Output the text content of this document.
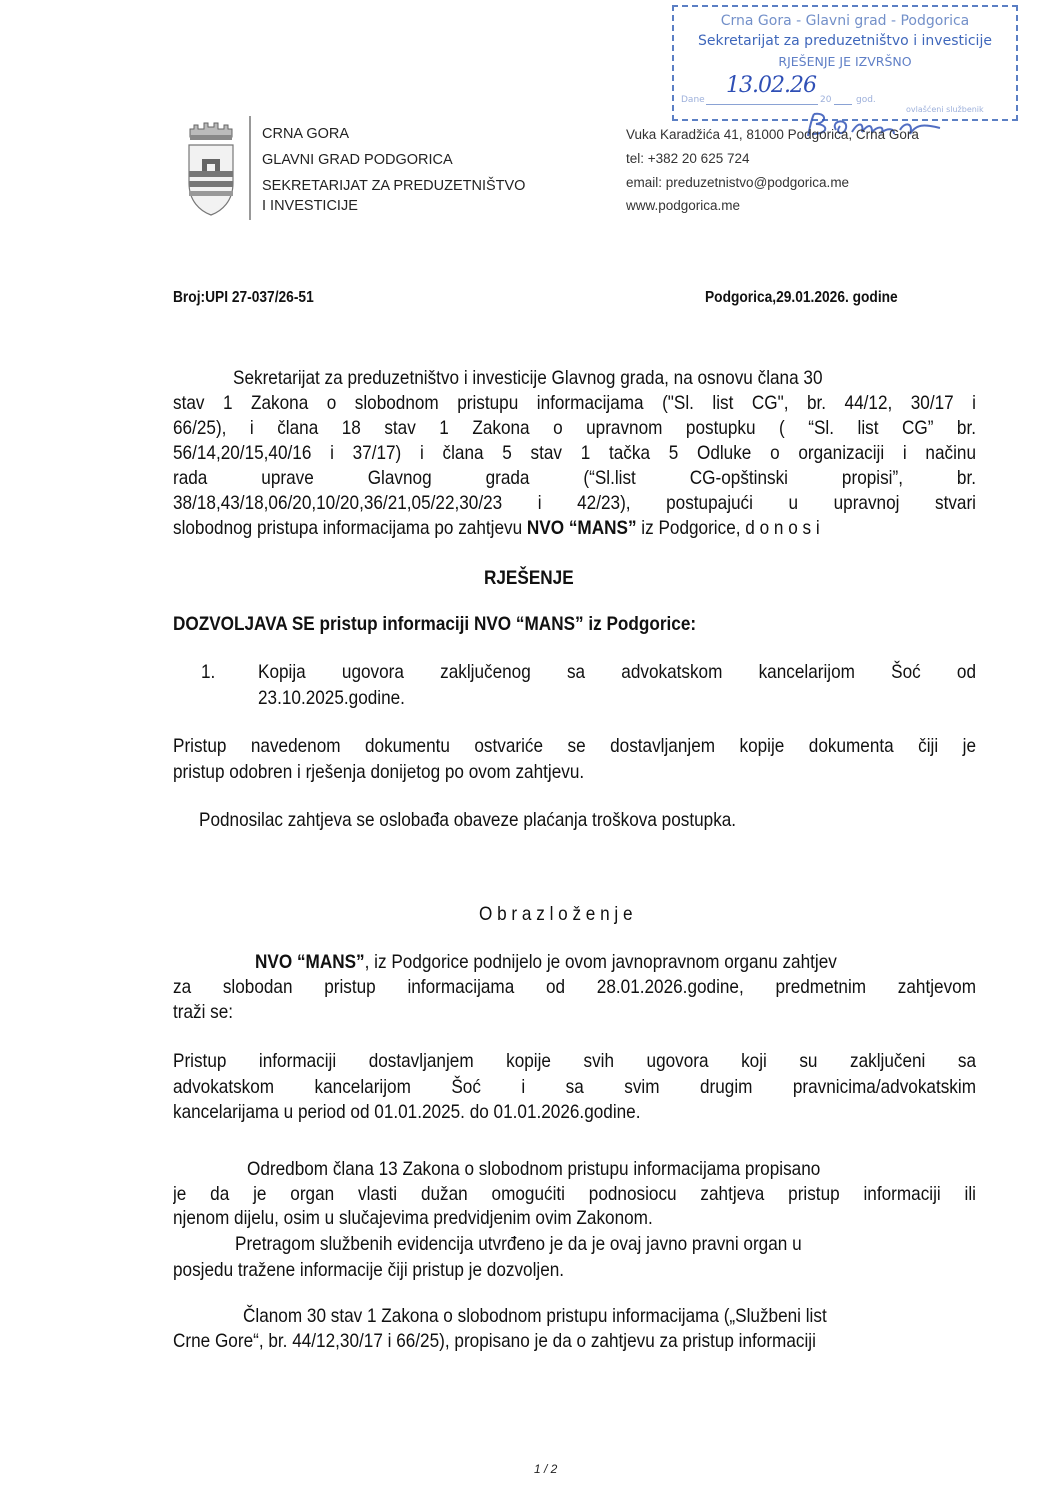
Crna Gora - Glavni grad - Podgorica
Sekretarijat za preduzetništvo i investicije
RJEŠENJE JE IZVRŠNO
13.02.26
Dane	20	god.
ovlašćeni službenik
CRNA GORA
GLAVNI GRAD PODGORICA
SEKRETARIJAT ZA PREDUZETNIŠTVO
I INVESTICIJE
Vuka Karadžića 41, 81000 Podgorica, Crna Gora
tel: +382 20 625 724
email: preduzetnistvo@podgorica.me
www.podgorica.me
Broj:UPI 27-037/26-51	Podgorica,29.01.2026. godine
Sekretarijat za preduzetništvo i investicije Glavnog grada, na osnovu člana 30
stav 1 Zakona o slobodnom pristupu informacijama ("Sl. list CG", br. 44/12, 30/17 i
66/25), i člana 18 stav 1 Zakona o upravnom postupku ( “Sl. list CG” br.
56/14,20/15,40/16 i 37/17) i člana 5 stav 1 tačka 5 Odluke o organizaciji i načinu
rada uprave Glavnog grada (“Sl.list CG-opštinski propisi”, br.
38/18,43/18,06/20,10/20,36/21,05/22,30/23 i 42/23), postupajući u upravnoj stvari
slobodnog pristupa informacijama po zahtjevu NVO “MANS” iz Podgorice, d o n o s i
RJEŠENJE
DOZVOLJAVA SE pristup informaciji NVO “MANS” iz Podgorice:
1. Kopija ugovora zaključenog sa advokatskom kancelarijom Šoć od
23.10.2025.godine.
Pristup navedenom dokumentu ostvariće se dostavljanjem kopije dokumenta čiji je
pristup odobren i rješenja donijetog po ovom zahtjevu.
Podnosilac zahtjeva se oslobađa obaveze plaćanja troškova postupka.
O b r a z l o ž e n j e
NVO “MANS”, iz Podgorice podnijelo je ovom javnopravnom organu zahtjev
za slobodan pristup informacijama od 28.01.2026.godine, predmetnim zahtjevom
traži se:
Pristup informaciji dostavljanjem kopije svih ugovora koji su zaključeni sa
advokatskom kancelarijom Šoć i sa svim drugim pravnicima/advokatskim
kancelarijama u period od 01.01.2025. do 01.01.2026.godine.
Odredbom člana 13 Zakona o slobodnom pristupu informacijama propisano
je da je organ vlasti dužan omogućiti podnosiocu zahtjeva pristup informaciji ili
njenom dijelu, osim u slučajevima predvidjenim ovim Zakonom.
Pretragom službenih evidencija utvrđeno je da je ovaj javno pravni organ u
posjedu tražene informacije čiji pristup je dozvoljen.
Članom 30 stav 1 Zakona o slobodnom pristupu informacijama („Službeni list
Crne Gore“, br. 44/12,30/17 i 66/25), propisano je da o zahtjevu za pristup informaciji
1 / 2
